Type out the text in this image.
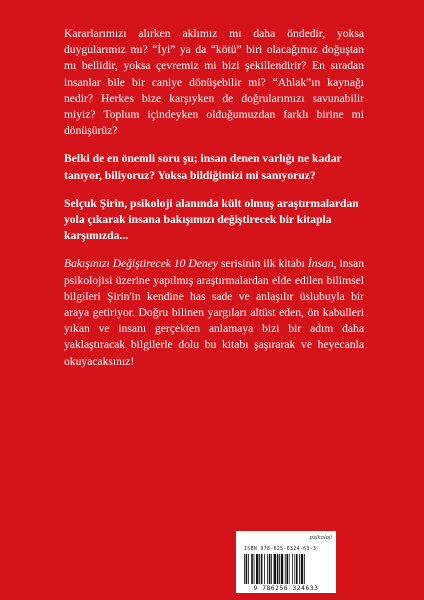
Kararlarımızı alırken aklımız mı daha öndedir, yoksa duygularımız mı? “İyi” ya da “kötü” biri olacağımız doğuştan mı bellidir, yoksa çevremiz mi bizi şekillendirir? En sıradan insanlar bile bir caniye dönüşebilir mi? “Ahlak”ın kaynağı nedir? Herkes bize karşıyken de doğrularımızı savunabilir miyiz? Toplum içindeyken olduğumuzdan farklı birine mi dönüşürüz?

Belki de en önemli soru şu; insan denen varlığı ne kadar tanıyor, biliyoruz? Yoksa bildiğimizi mi sanıyoruz?

Selçuk Şirin, psikoloji alanında kült olmuş araştırmalardan yola çıkarak insana bakışımızı değiştirecek bir kitapla karşımızda...

Bakışınızı Değiştirecek 10 Deney serisinin ilk kitabı İnsan, insan psikolojisi üzerine yapılmış araştırmalardan elde edilen bilimsel bilgileri Şirin'in kendine has sade ve anlaşılır üslubuyla bir araya getiriyor. Doğru bilinen yargıları altüst eden, ön kabulleri yıkan ve insanı gerçekten anlamaya bizi bir adım daha yaklaştıracak bilgilerle dolu bu kitabı şaşırarak ve heyecanla okuyacaksınız!

psikoloji
ISBN 978-625-6324-63-3
9 786256 324633
